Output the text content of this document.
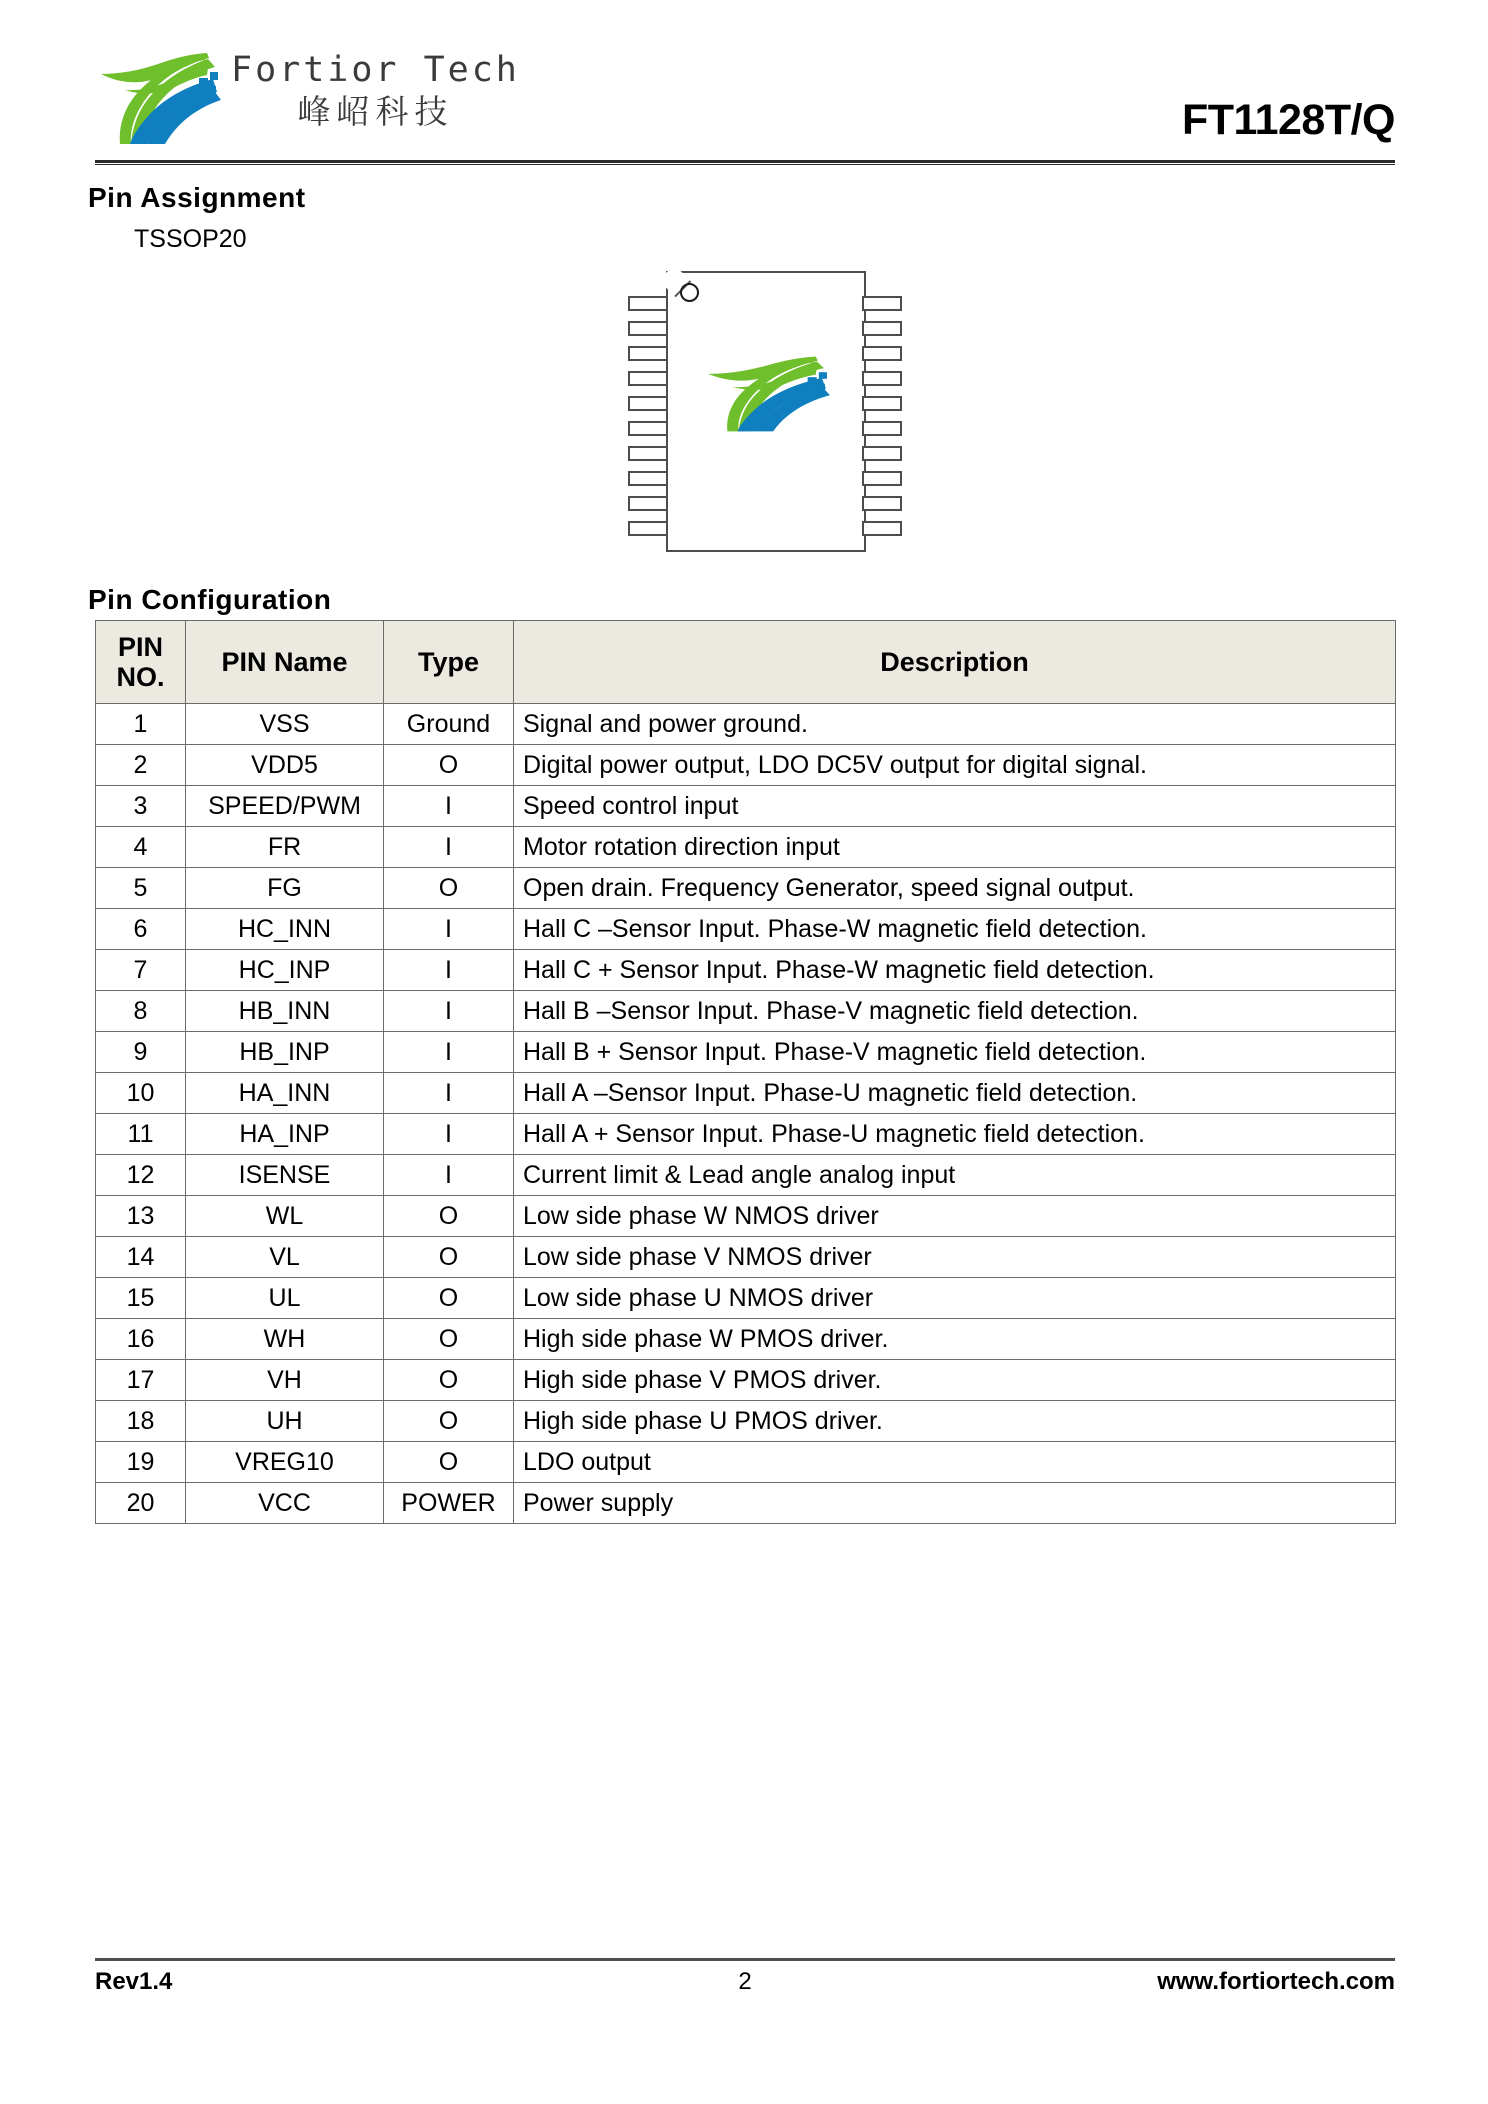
Fortior Tech
峰岹科技	FT1128T/Q
Pin Assignment
TSSOP20
Pin Configuration
PIN
NO.	PIN Name	Type	Description
1	VSS	Ground	Signal and power ground.
2	VDD5	O	Digital power output, LDO DC5V output for digital signal.
3	SPEED/PWM	I	Speed control input
4	FR	I	Motor rotation direction input
5	FG	O	Open drain. Frequency Generator, speed signal output.
6	HC_INN	I	Hall C –Sensor Input. Phase-W magnetic field detection.
7	HC_INP	I	Hall C + Sensor Input. Phase-W magnetic field detection.
8	HB_INN	I	Hall B –Sensor Input. Phase-V magnetic field detection.
9	HB_INP	I	Hall B + Sensor Input. Phase-V magnetic field detection.
10	HA_INN	I	Hall A –Sensor Input. Phase-U magnetic field detection.
11	HA_INP	I	Hall A + Sensor Input. Phase-U magnetic field detection.
12	ISENSE	I	Current limit & Lead angle analog input
13	WL	O	Low side phase W NMOS driver
14	VL	O	Low side phase V NMOS driver
15	UL	O	Low side phase U NMOS driver
16	WH	O	High side phase W PMOS driver.
17	VH	O	High side phase V PMOS driver.
18	UH	O	High side phase U PMOS driver.
19	VREG10	O	LDO output
20	VCC	POWER	Power supply
Rev1.4	2	www.fortiortech.com
